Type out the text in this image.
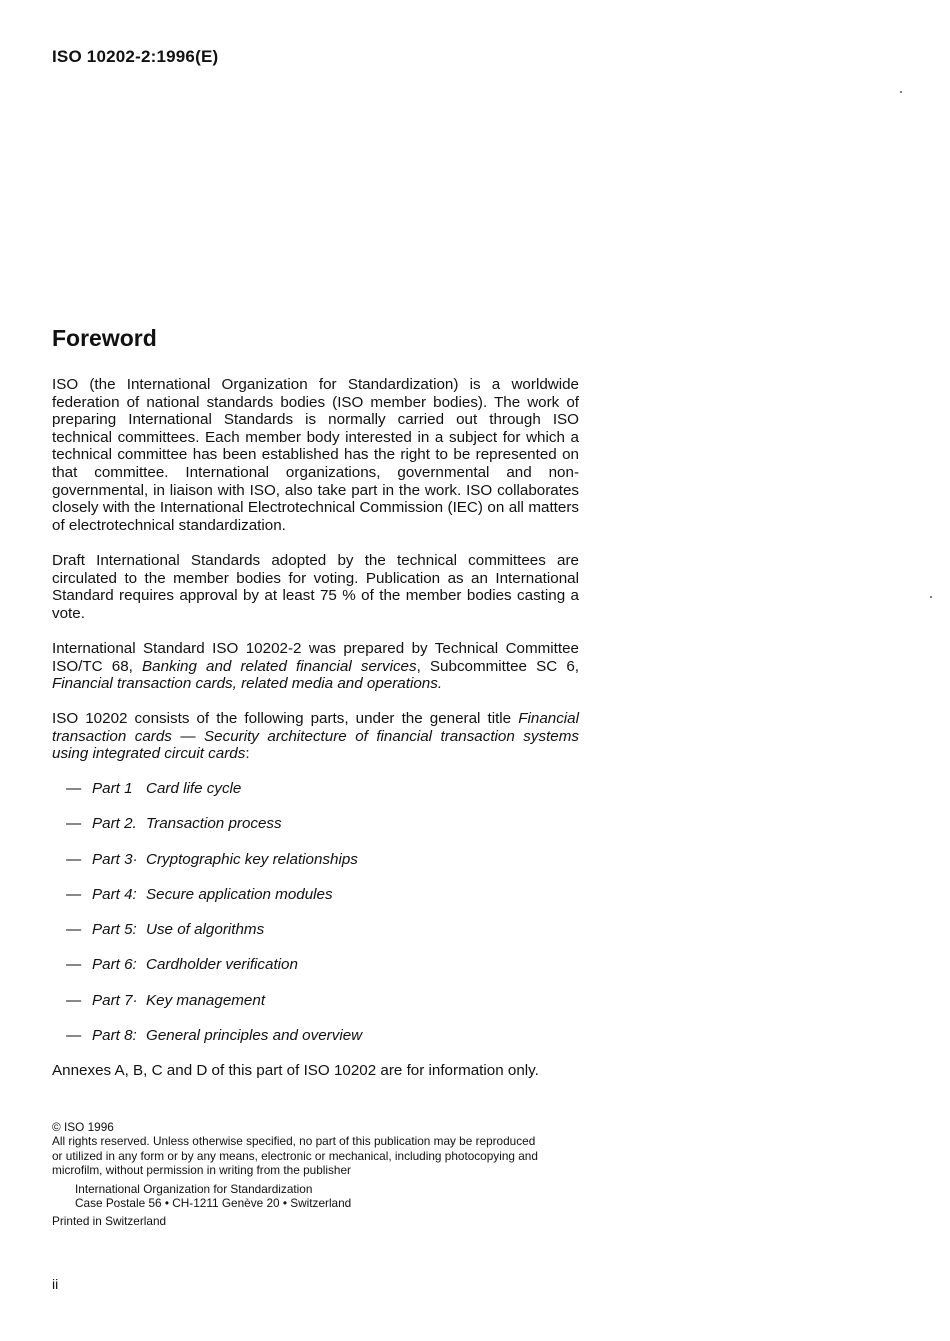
ISO 10202-2:1996(E)
Foreword
ISO (the International Organization for Standardization) is a worldwide federation of national standards bodies (ISO member bodies). The work of preparing International Standards is normally carried out through ISO technical committees. Each member body interested in a subject for which a technical committee has been established has the right to be represented on that committee. International organizations, governmental and non-governmental, in liaison with ISO, also take part in the work. ISO collaborates closely with the International Electrotechnical Commission (IEC) on all matters of electrotechnical standardization.
Draft International Standards adopted by the technical committees are circulated to the member bodies for voting. Publication as an International Standard requires approval by at least 75 % of the member bodies casting a vote.
International Standard ISO 10202-2 was prepared by Technical Committee ISO/TC 68, Banking and related financial services, Subcommittee SC 6, Financial transaction cards, related media and operations.
ISO 10202 consists of the following parts, under the general title Financial transaction cards — Security architecture of financial transaction systems using integrated circuit cards:
— Part 1 Card life cycle
— Part 2. Transaction process
— Part 3· Cryptographic key relationships
— Part 4: Secure application modules
— Part 5: Use of algorithms
— Part 6: Cardholder verification
— Part 7· Key management
— Part 8: General principles and overview
Annexes A, B, C and D of this part of ISO 10202 are for information only.
© ISO 1996
All rights reserved. Unless otherwise specified, no part of this publication may be reproduced
or utilized in any form or by any means, electronic or mechanical, including photocopying and
microfilm, without permission in writing from the publisher
International Organization for Standardization
Case Postale 56 • CH-1211 Genève 20 • Switzerland
Printed in Switzerland
ii
